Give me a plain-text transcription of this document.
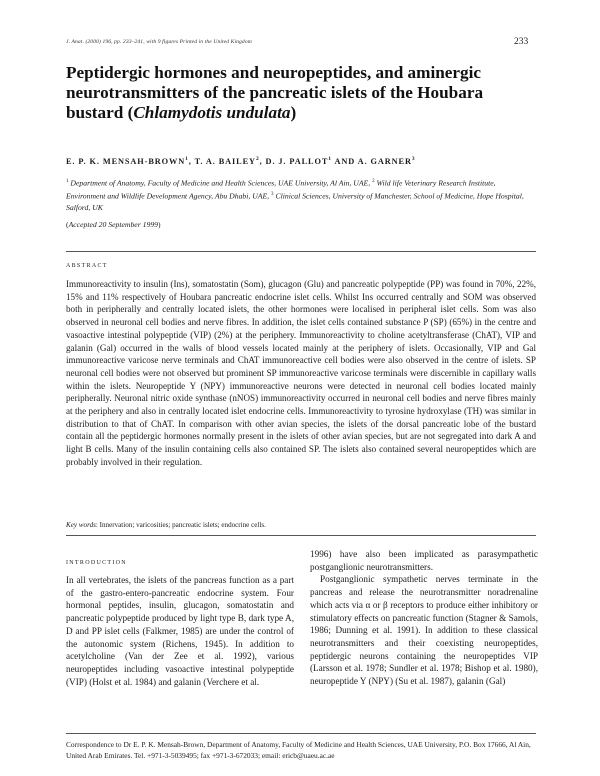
J. Anat. (2000) 196, pp. 233–241, with 9 figures Printed in the United Kingdom	233
Peptidergic hormones and neuropeptides, and aminergic neurotransmitters of the pancreatic islets of the Houbara bustard (Chlamydotis undulata)
E. P. K. MENSAH-BROWN$^1$, T. A. BAILEY$^2$, D. J. PALLOT$^1$ AND A. GARNER$^3$
$^1$ Department of Anatomy, Faculty of Medicine and Health Sciences, UAE University, Al Ain, UAE, $^2$ Wild life Veterinary Research Institute, Environment and Wildlife Development Agency, Abu Dhabi, UAE, $^3$ Clinical Sciences, University of Manchester, School of Medicine, Hope Hospital, Salford, UK
(Accepted 20 September 1999)
ABSTRACT
Immunoreactivity to insulin (Ins), somatostatin (Som), glucagon (Glu) and pancreatic polypeptide (PP) was found in 70%, 22%, 15% and 11% respectively of Houbara pancreatic endocrine islet cells. Whilst Ins occurred centrally and SOM was observed both in peripherally and centrally located islets, the other hormones were localised in peripheral islet cells. Som was also observed in neuronal cell bodies and nerve fibres. In addition, the islet cells contained substance P (SP) (65%) in the centre and vasoactive intestinal polypeptide (VIP) (2%) at the periphery. Immunoreactivity to choline acetyltransferase (ChAT), VIP and galanin (Gal) occurred in the walls of blood vessels located mainly at the periphery of islets. Occasionally, VIP and Gal immunoreactive varicose nerve terminals and ChAT immunoreactive cell bodies were also observed in the centre of islets. SP neuronal cell bodies were not observed but prominent SP immunoreactive varicose terminals were discernible in capillary walls within the islets. Neuropeptide Y (NPY) immunoreactive neurons were detected in neuronal cell bodies located mainly peripherally. Neuronal nitric oxide synthase (nNOS) immunoreactivity occurred in neuronal cell bodies and nerve fibres mainly at the periphery and also in centrally located islet endocrine cells. Immunoreactivity to tyrosine hydroxylase (TH) was similar in distribution to that of ChAT. In comparison with other avian species, the islets of the dorsal pancreatic lobe of the bustard contain all the peptidergic hormones normally present in the islets of other avian species, but are not segregated into dark A and light B cells. Many of the insulin containing cells also contained SP. The islets also contained several neuropeptides which are probably involved in their regulation.
Key words: Innervation; varicosities; pancreatic islets; endocrine cells.
INTRODUCTION

In all vertebrates, the islets of the pancreas function as a part of the gastro-entero-pancreatic endocrine system. Four hormonal peptides, insulin, glucagon, somatostatin and pancreatic polypeptide produced by light type B, dark type A, D and PP islet cells (Falkmer, 1985) are under the control of the autonomic system (Richens, 1945). In addition to acetylcholine (Van der Zee et al. 1992), various neuropeptides including vasoactive intestinal polypeptide (VIP) (Holst et al. 1984) and galanin (Verchere et al.

1996) have also been implicated as parasympathetic postganglionic neurotransmitters.

Postganglionic sympathetic nerves terminate in the pancreas and release the neurotransmitter noradrenaline which acts via α or β receptors to produce either inhibitory or stimulatory effects on pancreatic function (Stagner & Samols, 1986; Dunning et al. 1991). In addition to these classical neurotransmitters and their coexisting neuropeptides, peptidergic neurons containing the neuropeptides VIP (Larsson et al. 1978; Sundler et al. 1978; Bishop et al. 1980), neuropeptide Y (NPY) (Su et al. 1987), galanin (Gal)

Correspondence to Dr E. P. K. Mensah-Brown, Department of Anatomy, Faculty of Medicine and Health Sciences, UAE University, P.O. Box 17666, Al Ain, United Arab Emirates. Tel. +971-3-5039495; fax +971-3-672033; email: ericb@uaeu.ac.ae
